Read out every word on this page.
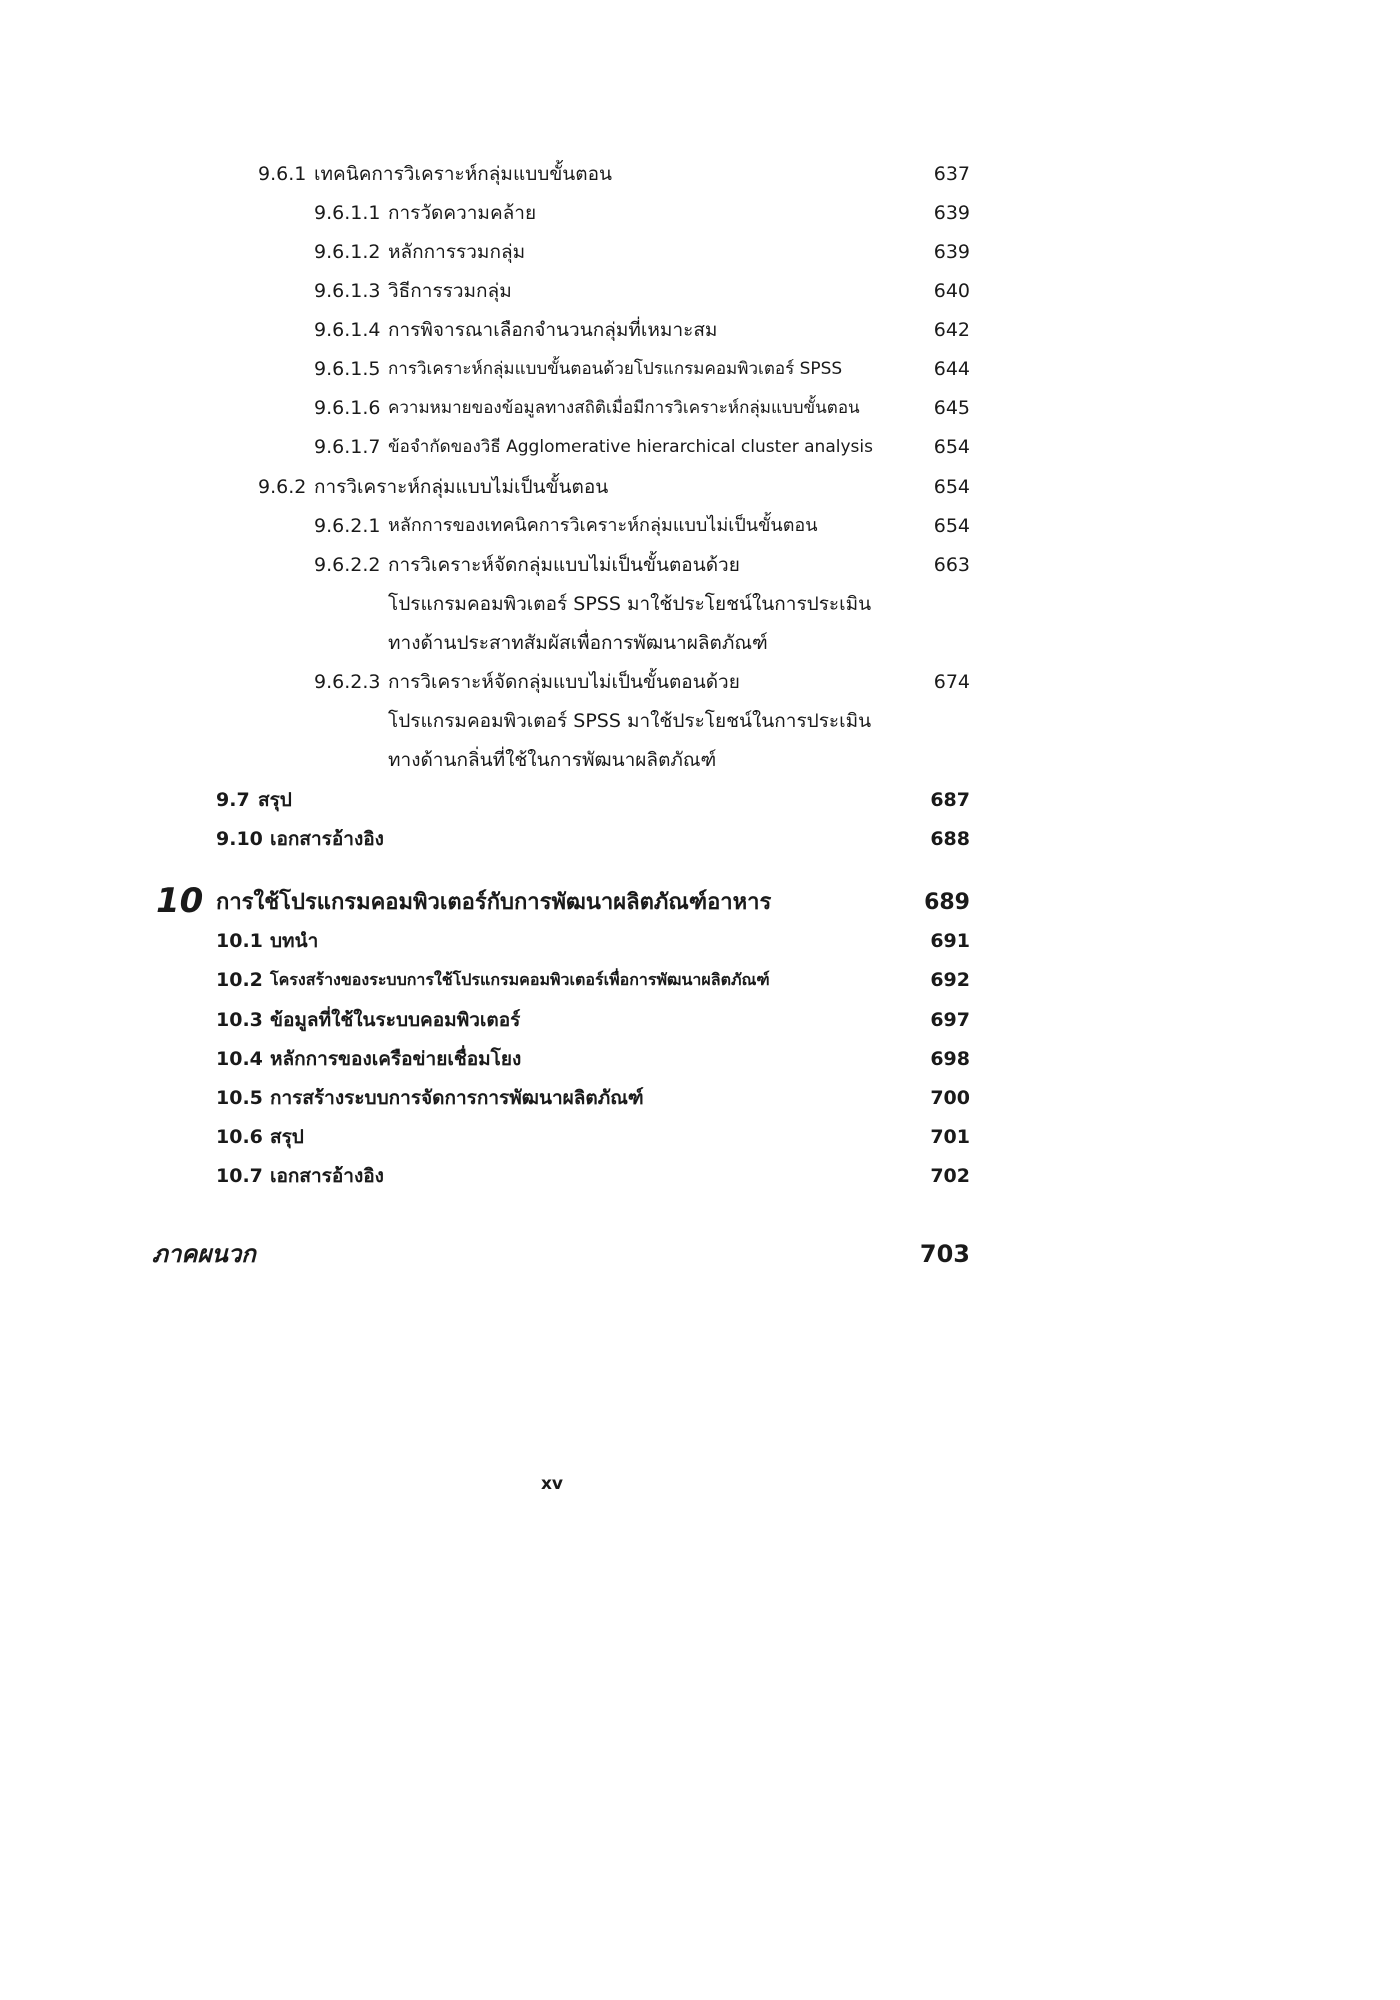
9.6.1 เทคนิคการวิเคราะห์กลุ่มแบบขั้นตอน	637
9.6.1.1 การวัดความคล้าย	639
9.6.1.2 หลักการรวมกลุ่ม	639
9.6.1.3 วิธีการรวมกลุ่ม	640
9.6.1.4 การพิจารณาเลือกจำนวนกลุ่มที่เหมาะสม	642
9.6.1.5 การวิเคราะห์กลุ่มแบบขั้นตอนด้วยโปรแกรมคอมพิวเตอร์ SPSS	644
9.6.1.6 ความหมายของข้อมูลทางสถิติเมื่อมีการวิเคราะห์กลุ่มแบบขั้นตอน	645
9.6.1.7 ข้อจำกัดของวิธี Agglomerative hierarchical cluster analysis	654
9.6.2 การวิเคราะห์กลุ่มแบบไม่เป็นขั้นตอน	654
9.6.2.1 หลักการของเทคนิคการวิเคราะห์กลุ่มแบบไม่เป็นขั้นตอน	654
9.6.2.2 การวิเคราะห์จัดกลุ่มแบบไม่เป็นขั้นตอนด้วย	663
โปรแกรมคอมพิวเตอร์ SPSS มาใช้ประโยชน์ในการประเมิน
ทางด้านประสาทสัมผัสเพื่อการพัฒนาผลิตภัณฑ์
9.6.2.3 การวิเคราะห์จัดกลุ่มแบบไม่เป็นขั้นตอนด้วย	674
โปรแกรมคอมพิวเตอร์ SPSS มาใช้ประโยชน์ในการประเมิน
ทางด้านกลิ่นที่ใช้ในการพัฒนาผลิตภัณฑ์
9.7 สรุป	687
9.10 เอกสารอ้างอิง	688
10 การใช้โปรแกรมคอมพิวเตอร์กับการพัฒนาผลิตภัณฑ์อาหาร	689
10.1 บทนำ	691
10.2 โครงสร้างของระบบการใช้โปรแกรมคอมพิวเตอร์เพื่อการพัฒนาผลิตภัณฑ์	692
10.3 ข้อมูลที่ใช้ในระบบคอมพิวเตอร์	697
10.4 หลักการของเครือข่ายเชื่อมโยง	698
10.5 การสร้างระบบการจัดการการพัฒนาผลิตภัณฑ์	700
10.6 สรุป	701
10.7 เอกสารอ้างอิง	702
ภาคผนวก	703
xv
